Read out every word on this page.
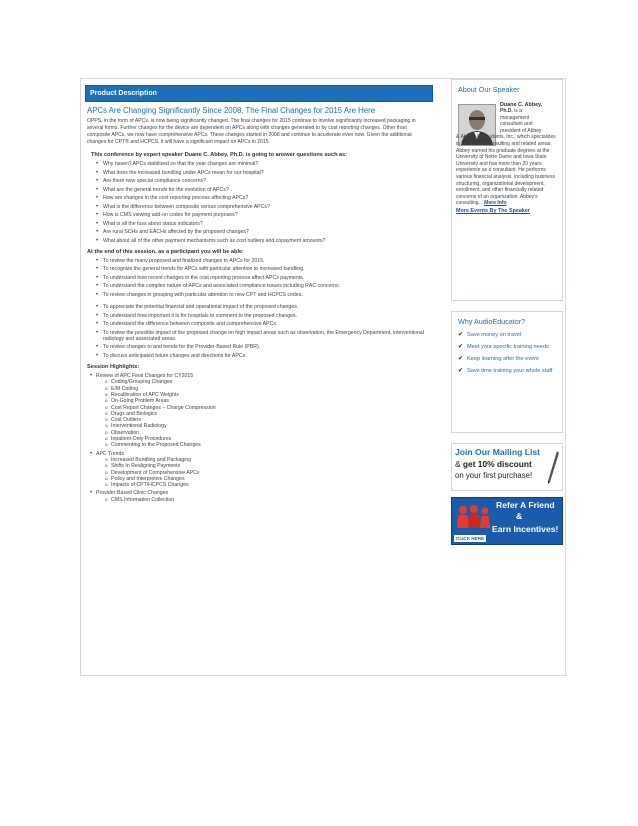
Product Description
APCs Are Changing Significantly Since 2008, The Final Changes for 2015 Are Here
OPPS, in the form of APCs, is now being significantly changed. The final changes for 2015 continue to involve significantly increased packaging in several forms. Further changes for the device are dependent on APCs along with changes generated to by cost reporting changes. Other than composite APCs, we now have comprehensive APCs. These changes started in 2008 and continue to accelerate even now. Given the additional changes for CPT® and HCPCS, it will have a significant impact on APCs in 2015.
This conference by expert speaker Duane C. Abbey, Ph.D. is going to answer questions such as:
• Why haven't APCs stabilized so that the year changes are minimal?
• What does the increased bundling under APCs mean for our hospital?
• Are there new special compliance concerns?
• What are the general trends for the evolution of APCs?
• How are changes in the cost reporting process affecting APCs?
• What is the difference between composite versus comprehensive APCs?
• How is CMS viewing add-on codes for payment purposes?
• What is all the fuss about status indicators?
• Are rural SCHs and EACHs affected by the proposed changes?
• What about all of the other payment mechanisms such as cost outliers and copayment amounts?
At the end of this session, as a participant you will be able:
• To review the many proposed and finalized changes to APCs for 2015.
• To recognize the general trends for APCs with particular attention to increased bundling.
• To understand how recent changes in the cost reporting process affect APCs payments.
• To understand the complex nature of APCs and associated compliance issues including RAC concerns.
• To review changes in grouping with particular attention to new CPT and HCPCS codes.
• To appreciate the potential financial and operational impact of the proposed changes.
• To understand how important it is for hospitals to comment to the proposed changes.
• To understand the difference between composite and comprehensive APCs.
• To review the possible impact of the proposed change on high impact areas such as observation, the Emergency Department, interventional radiology and associated areas.
• To review changes to and trends for the Provider-Based Rule (PBR).
• To discuss anticipated future changes and directions for APCs.
Session Highlights:
• Review of APC Final Changes for CY2015
o Coding/Grouping Changes
o E/M Coding
o Recalibration of APC Weights
o On-Going Problem Areas
o Cost Report Changes – Charge Compression
o Drugs and Biologics
o Cost Outliers
o Interventional Radiology
o Observation
o Inpatient-Only Procedures
o Commenting to the Proposed Changes
• APC Trends
o Increased Bundling and Packaging
o Shifts In Realigning Payments
o Development of Comprehensive APCs
o Policy and Interpretive Changes
o Impacts of CPT/HCPCS Changes
• Provider-Based Clinic Changes
o CMS Information Collection
About Our Speaker
Duane C. Abbey,
Ph.D. is a
management
consultant and
president of Abbey
& Abbey, Consultants, Inc., which specializes in health care consulting and related areas. Abbey earned his graduate degrees at the University of Notre Dame and Iowa State University and has more than 20 years experience as a consultant. He performs various financial analysis, including business structuring, organizational development, enrollment, and other financially related concerns of an organization. Abbey's consulting... More Info
More Events By The Speaker
Why AudioEducator?
✔ Save money on travel
✔ Meet your specific training needs
✔ Keep learning after the event
✔ Save time training your whole staff
Join Our Mailing List
& get 10% discount
on your first purchase!
Refer A Friend
&
Earn Incentives!
CLICK HERE
